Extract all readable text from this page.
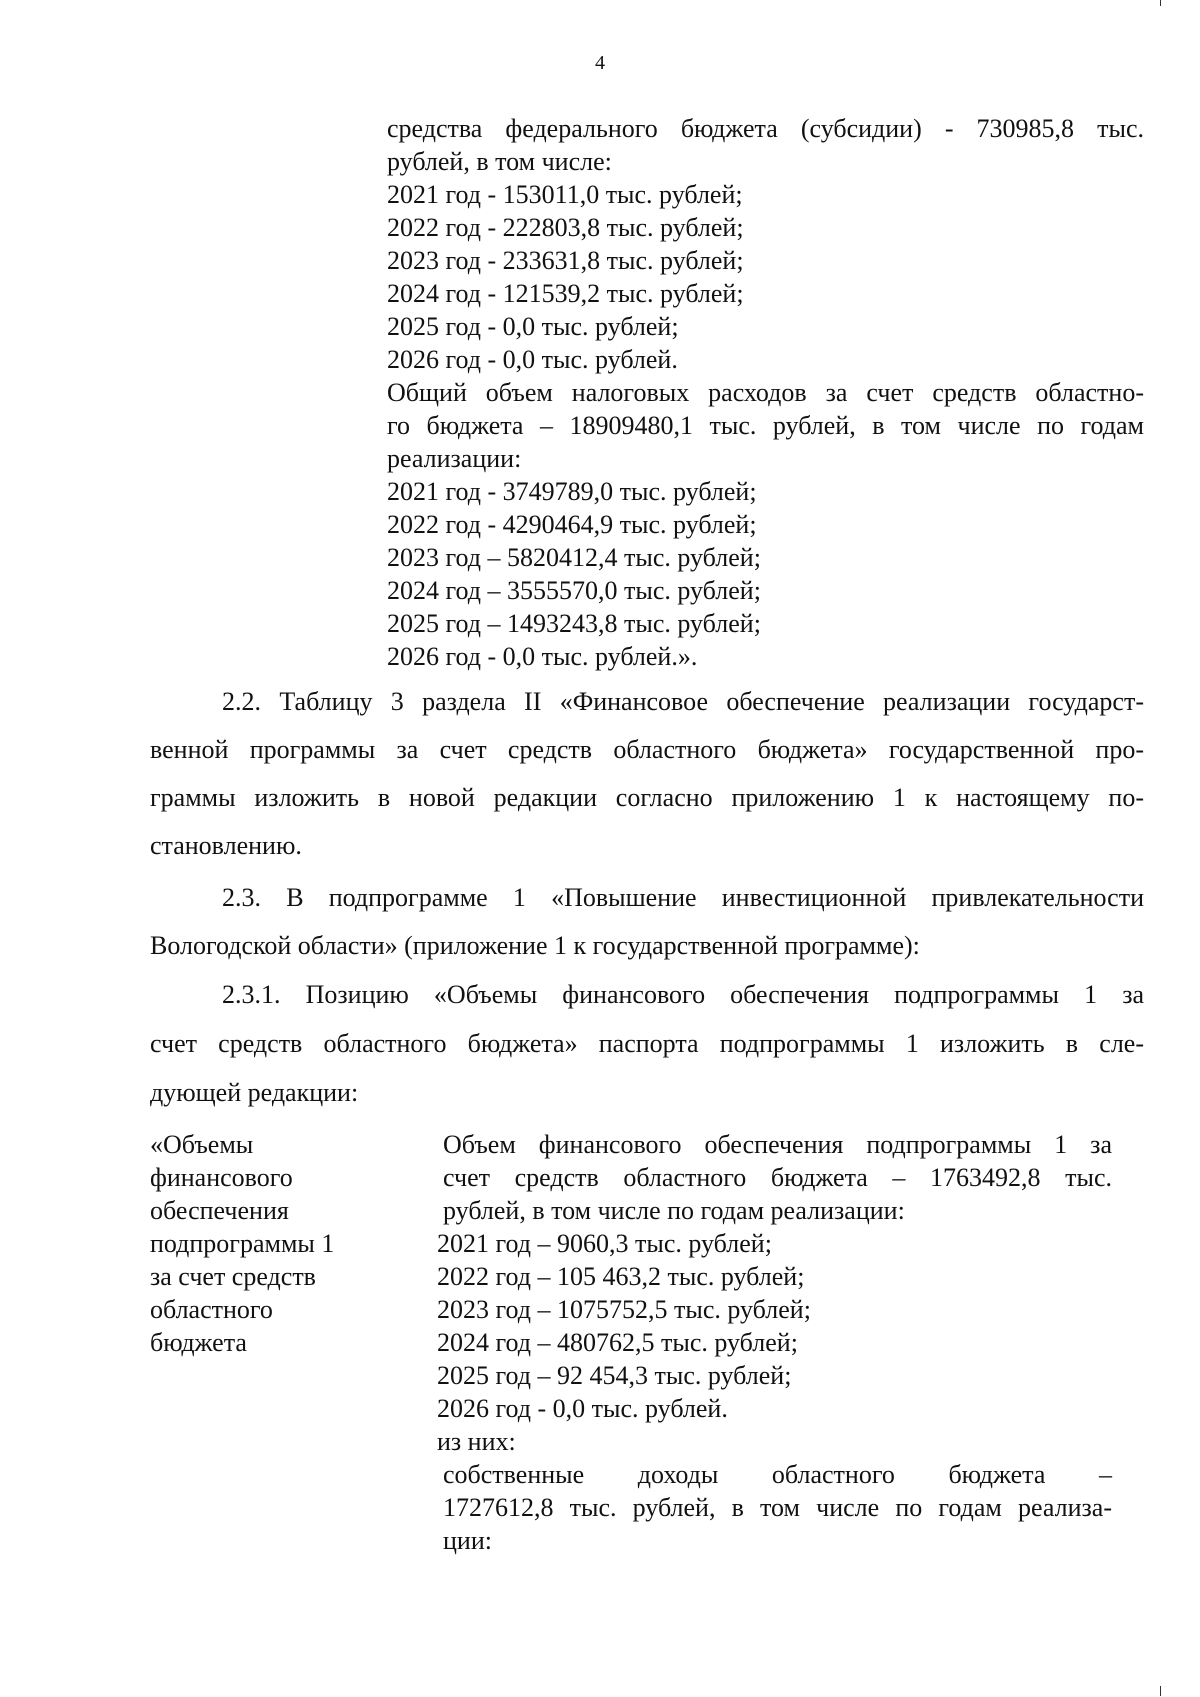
4
средства федерального бюджета (субсидии) - 730985,8 тыс.
рублей, в том числе:
2021 год - 153011,0 тыс. рублей;
2022 год - 222803,8 тыс. рублей;
2023 год - 233631,8 тыс. рублей;
2024 год - 121539,2 тыс. рублей;
2025 год - 0,0 тыс. рублей;
2026 год - 0,0 тыс. рублей.
Общий объем налоговых расходов за счет средств областно-
го бюджета – 18909480,1 тыс. рублей, в том числе по годам
реализации:
2021 год - 3749789,0 тыс. рублей;
2022 год - 4290464,9 тыс. рублей;
2023 год – 5820412,4 тыс. рублей;
2024 год – 3555570,0 тыс. рублей;
2025 год – 1493243,8 тыс. рублей;
2026 год - 0,0 тыс. рублей.».
2.2. Таблицу 3 раздела II «Финансовое обеспечение реализации государст-
венной программы за счет средств областного бюджета» государственной про-
граммы изложить в новой редакции согласно приложению 1 к настоящему по-
становлению.
2.3. В подпрограмме 1 «Повышение инвестиционной привлекательности
Вологодской области» (приложение 1 к государственной программе):
2.3.1. Позицию «Объемы финансового обеспечения подпрограммы 1 за
счет средств областного бюджета» паспорта подпрограммы 1 изложить в сле-
дующей редакции:
«Объемы
финансового
обеспечения
подпрограммы 1
за счет средств
областного
бюджета
Объем финансового обеспечения подпрограммы 1 за
счет средств областного бюджета – 1763492,8 тыс.
рублей, в том числе по годам реализации:
2021 год – 9060,3 тыс. рублей;
2022 год – 105 463,2 тыс. рублей;
2023 год – 1075752,5 тыс. рублей;
2024 год – 480762,5 тыс. рублей;
2025 год – 92 454,3 тыс. рублей;
2026 год - 0,0 тыс. рублей.
из них:
собственные доходы областного бюджета –
1727612,8 тыс. рублей, в том числе по годам реализа-
ции:
